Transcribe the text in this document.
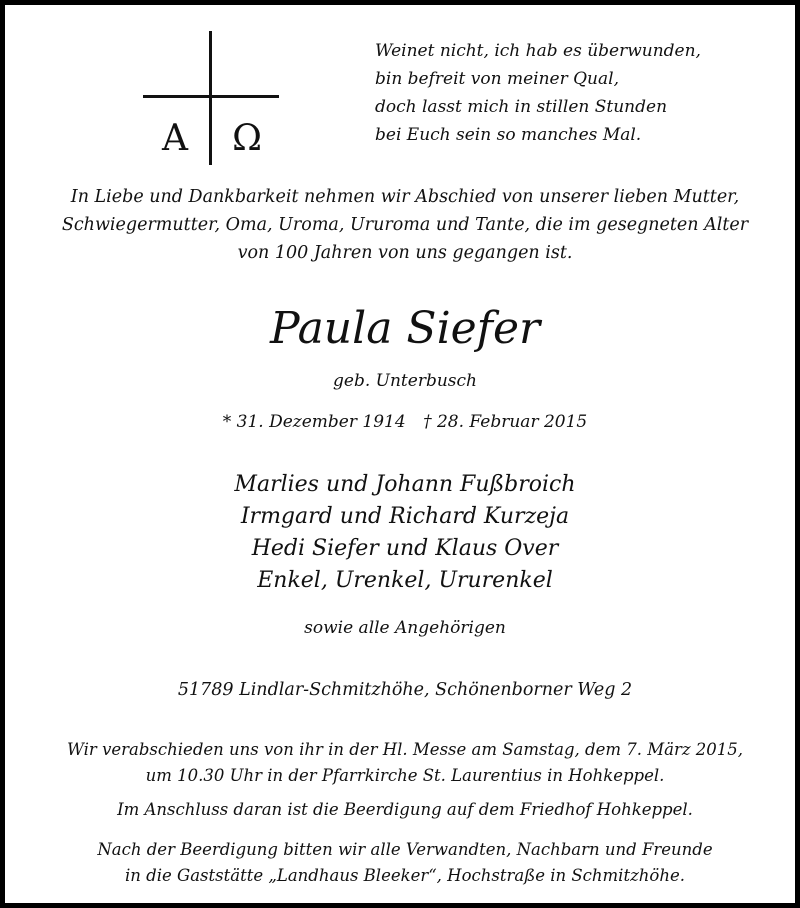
Α	Ω
Weinet nicht, ich hab es überwunden,
bin befreit von meiner Qual,
doch lasst mich in stillen Stunden
bei Euch sein so manches Mal.
In Liebe und Dankbarkeit nehmen wir Abschied von unserer lieben Mutter,
Schwiegermutter, Oma, Uroma, Ururoma und Tante, die im gesegneten Alter
von 100 Jahren von uns gegangen ist.
Paula Siefer
geb. Unterbusch
* 31. Dezember 1914 † 28. Februar 2015
Marlies und Johann Fußbroich
Irmgard und Richard Kurzeja
Hedi Siefer und Klaus Over
Enkel, Urenkel, Ururenkel
sowie alle Angehörigen
51789 Lindlar-Schmitzhöhe, Schönenborner Weg 2
Wir verabschieden uns von ihr in der Hl. Messe am Samstag, dem 7. März 2015,
um 10.30 Uhr in der Pfarrkirche St. Laurentius in Hohkeppel.
Im Anschluss daran ist die Beerdigung auf dem Friedhof Hohkeppel.
Nach der Beerdigung bitten wir alle Verwandten, Nachbarn und Freunde
in die Gaststätte „Landhaus Bleeker“, Hochstraße in Schmitzhöhe.
